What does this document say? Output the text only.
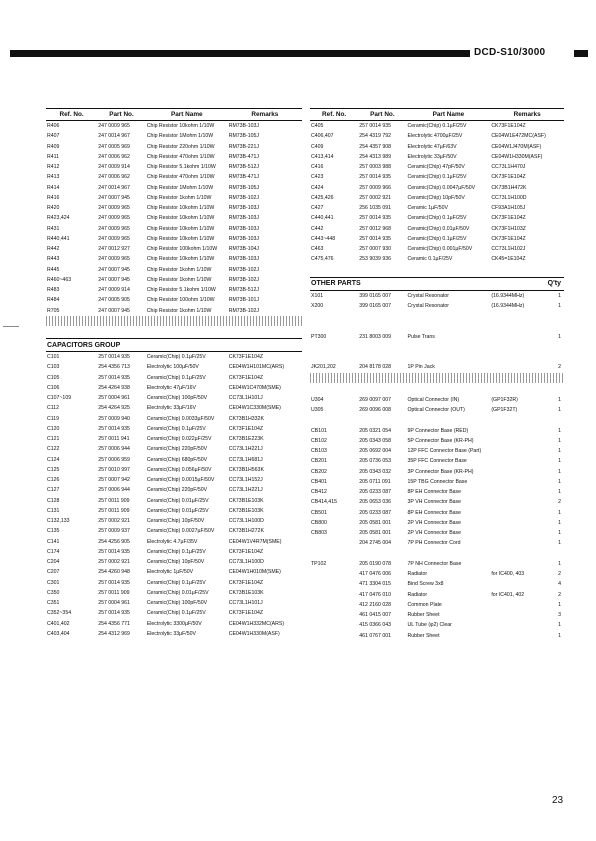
DCD-S10/3000
Ref. No.	Part No.	Part Name	Remarks
R406	247 0009 965	Chip Resistor 10kohm 1/10W	RM73B-103J
R407	247 0014 967	Chip Resistor 1Mohm 1/10W	RM73B-105J
R409	247 0005 969	Chip Resistor 220ohm 1/10W	RM73B-221J
R411	247 0006 962	Chip Resistor 470ohm 1/10W	RM73B-471J
R412	247 0009 914	Chip Resistor 5.1kohm 1/10W	RM73B-512J
R413	247 0006 962	Chip Resistor 470ohm 1/10W	RM73B-471J
R414	247 0014 967	Chip Resistor 1Mohm 1/10W	RM73B-105J
R416	247 0007 945	Chip Resistor 1kohm 1/10W	RM73B-102J
R420	247 0009 965	Chip Resistor 10kohm 1/10W	RM73B-103J
R423,424	247 0009 965	Chip Resistor 10kohm 1/10W	RM73B-103J
R431	247 0009 965	Chip Resistor 10kohm 1/10W	RM73B-103J
R440,441	247 0009 965	Chip Resistor 10kohm 1/10W	RM73B-103J
R442	247 0012 927	Chip Resistor 100kohm 1/10W	RM73B-104J
R443	247 0009 965	Chip Resistor 10kohm 1/10W	RM73B-103J
R445	247 0007 945	Chip Resistor 1kohm 1/10W	RM73B-102J
R460~463	247 0007 945	Chip Resistor 1kohm 1/10W	RM73B-102J
R483	247 0009 914	Chip Resistor 5.1kohm 1/10W	RM73B-512J
R484	247 0005 905	Chip Resistor 100ohm 1/10W	RM73B-101J
R705	247 0007 945	Chip Resistor 1kohm 1/10W	RM73B-102J

CAPACITORS GROUP			
C101	257 0014 935	Ceramic(Chip) 0.1µF/25V	CK73F1E104Z
C103	254 4356 713	Electrolytic 100µF/50V	CE04W1H101MC(ARS)
C105	257 0014 935	Ceramic(Chip) 0.1µF/25V	CK73F1E104Z
C106	254 4264 938	Electrolytic 47µF/16V	CE04W1C470M(SME)
C107~109	257 0004 961	Ceramic(Chip) 100pF/50V	CC73L1H101J
C112	254 4264 925	Electrolytic 33µF/16V	CE04W1C330M(SME)
C119	257 0009 940	Ceramic(Chip) 0.0033µF/50V	CK73B1H332K
C120	257 0014 935	Ceramic(Chip) 0.1µF/25V	CK73F1E104Z
C121	257 0011 941	Ceramic(Chip) 0.022µF/25V	CK73B1E223K
C122	257 0006 944	Ceramic(Chip) 220pF/50V	CC73L1H221J
C124	257 0006 959	Ceramic(Chip) 680pF/50V	CC73L1H681J
C125	257 0010 997	Ceramic(Chip) 0.056µF/50V	CK73B1H563K
C126	257 0007 942	Ceramic(Chip) 0.0015µF/50V	CC73L1H152J
C127	257 0006 944	Ceramic(Chip) 220pF/50V	CC73L1H221J
C128	257 0011 909	Ceramic(Chip) 0.01µF/25V	CK73B1E103K
C131	257 0011 909	Ceramic(Chip) 0.01µF/25V	CK73B1E103K
C132,133	257 0002 921	Ceramic(Chip) 10pF/50V	CC73L1H100D
C135	257 0009 937	Ceramic(Chip) 0.0027µF/50V	CK73B1H272K
C141	254 4256 905	Electrolytic 4.7µF/35V	CE04W1V4R7M(SME)
C174	257 0014 935	Ceramic(Chip) 0.1µF/25V	CK73F1E104Z
C204	257 0002 921	Ceramic(Chip) 10pF/50V	CC73L1H100D
C207	254 4260 948	Electrolytic 1µF/50V	CE04W1H010M(SME)
C301	257 0014 935	Ceramic(Chip) 0.1µF/25V	CK73F1E104Z
C350	257 0011 909	Ceramic(Chip) 0.01µF/25V	CK73B1E103K
C351	257 0004 961	Ceramic(Chip) 100pF/50V	CC73L1H101J
C352~354	257 0014 935	Ceramic(Chip) 0.1µF/25V	CK73F1E104Z
C401,402	254 4356 771	Electrolytic 3300µF/50V	CE04W1H332MC(ARS)
C403,404	254 4312 969	Electrolytic 33µF/50V	CE04W1H330M(ASF)
Ref. No.	Part No.	Part Name	Remarks	
C405	257 0014 935	Ceramic(Chip) 0.1µF/25V	CK73F1E104Z	
C406,407	254 4319 792	Electrolytic 4700µF/25V	CE04W1E472MC(ASF)	
C409	254 4357 908	Electrolytic 47µF/63V	CE04W1J470M(ASF)	
C413,414	254 4313 989	Electrolytic 33µF/50V	CE04W1H330M(ASF)	
C416	257 0003 988	Ceramic(Chip) 47pF/50V	CC73L1H470J	
C423	257 0014 935	Ceramic(Chip) 0.1µF/25V	CK73F1E104Z	
C424	257 0009 966	Ceramic(Chip) 0.0047µF/50V	CK73B1H472K	
C425,426	257 0002 921	Ceramic(Chip) 10pF/50V	CC73L1H100D	
C427	256 1035 091	Ceramic 1µF/50V	CF93A1H105J	
C440,441	257 0014 935	Ceramic(Chip) 0.1µF/25V	CK73F1E104Z	
C442	257 0012 968	Ceramic(Chip) 0.01µF/50V	CK73F1H103Z	
C443~448	257 0014 935	Ceramic(Chip) 0.1µF/25V	CK73F1E104Z	
C463	257 0007 930	Ceramic(Chip) 0.001µF/50V	CC73L1H102J	
C475,476	253 9039 936	Ceramic 0.1µF/25V	CK45=1E104Z	

OTHER PARTS				Q'ty
X101	399 0165 007	Crystal Resonator	(16.9344MHz)	1
X200	399 0165 007	Crystal Resonator	(16.9344MHz)	1

PT300	231 8003 009	Pulse Trans		1

JK201,202	204 8178 028	1P Pin Jack		2

U304	269 0097 007	Optical Connector (IN)	(GP1F32R)	1
U305	269 0096 008	Optical Connector (OUT)	(GP1F32T)	1

CB101	205 0321 054	9P Connector Base (RED)		1
CB102	205 0343 058	5P Connector Base (KR-PH)		1
CB103	205 0692 004	12P FFC Connector Base (Part)		1
CB201	205 0736 053	35P FFC Connector Base		1
CB202	205 0343 032	3P Connector Base (KR-PH)		1
CB401	205 0711 091	15P TBG Connector Base		1
CB412	205 0233 087	8P EH Connector Base		1
CB414,415	205 0653 036	3P VH Connector Base		2
CB501	205 0233 087	8P EH Connector Base		1
CB800	205 0581 001	2P VH Connector Base		1
CB803	205 0581 001	2P VH Connector Base		1
	204 2745 004	7P PH Connector Cord		1

TP102	205 0190 078	7P NH Connector Base		1
	417 0476 006	Radiator	for IC400, 403	2
	471 3304 015	Bind Screw 3x8		4
	417 0476 010	Radiator	for IC401, 402	2
	412 2160 028	Common Plate		1
	461 0415 007	Rubber Sheet		3
	415 0366 043	UL Tube (φ2) Clear		1
	461 0767 001	Rubber Sheet		1
23
